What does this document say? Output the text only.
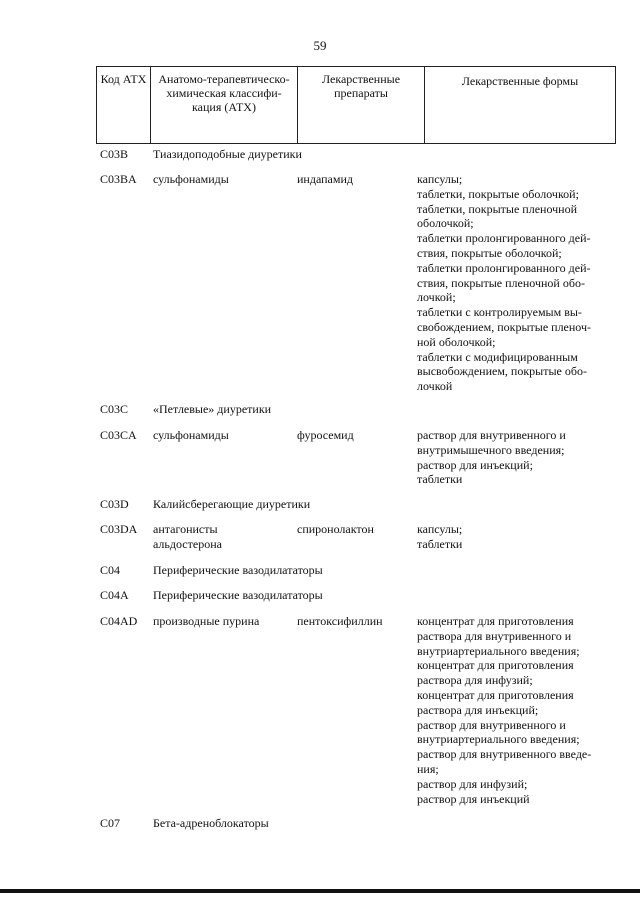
59
Код АТХ	Анатомо-терапевтическо-химическая классифи-кация (АТХ)	Лекарственные препараты	Лекарственные формы
C03B	Тиазидоподобные диуретики
C03BA	сульфонамиды	индапамид	капсулы;
таблетки, покрытые оболочкой;
таблетки, покрытые пленочной
оболочкой;
таблетки пролонгированного дей-
ствия, покрытые оболочкой;
таблетки пролонгированного дей-
ствия, покрытые пленочной обо-
лочкой;
таблетки с контролируемым вы-
свобождением, покрытые пленоч-
ной оболочкой;
таблетки с модифицированным
высвобождением, покрытые обо-
лочкой
C03C	«Петлевые» диуретики
C03CA	сульфонамиды	фуросемид	раствор для внутривенного и
внутримышечного введения;
раствор для инъекций;
таблетки
C03D	Калийсберегающие диуретики
C03DA	антагонисты
альдостерона
спиронолактон	капсулы;
таблетки
C04	Периферические вазодилататоры
C04A	Периферические вазодилататоры
C04AD	производные пурина	пентоксифиллин	концентрат для приготовления
раствора для внутривенного и
внутриартериального введения;
концентрат для приготовления
раствора для инфузий;
концентрат для приготовления
раствора для инъекций;
раствор для внутривенного и
внутриартериального введения;
раствор для внутривенного введе-
ния;
раствор для инфузий;
раствор для инъекций
C07	Бета-адреноблокаторы
